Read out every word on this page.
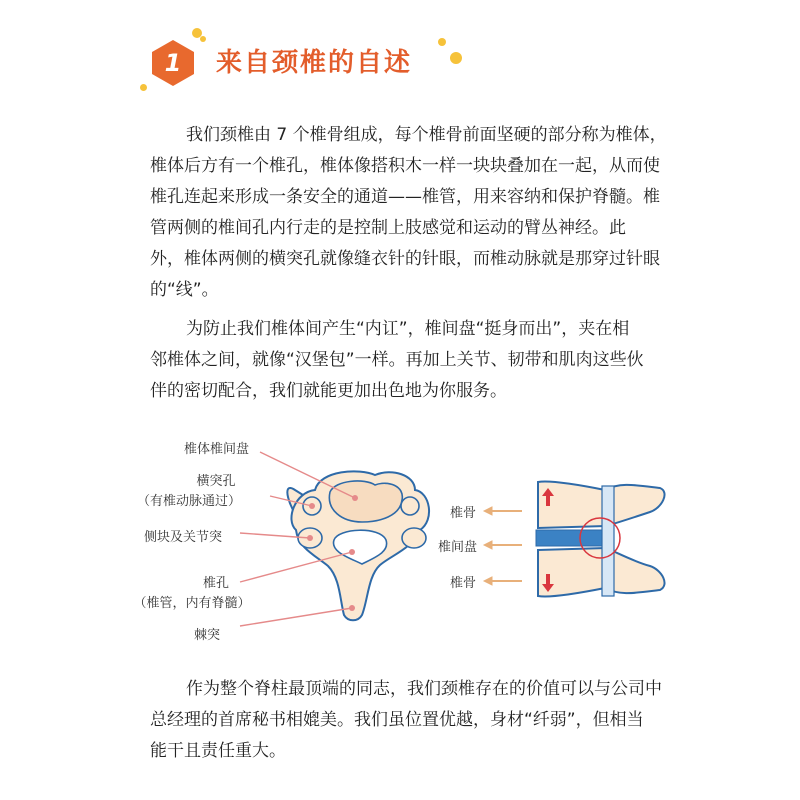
1	来自颈椎的自述
我们颈椎由 7 个椎骨组成，每个椎骨前面坚硬的部分称为椎体，
椎体后方有一个椎孔，椎体像搭积木一样一块块叠加在一起，从而使
椎孔连起来形成一条安全的通道——椎管，用来容纳和保护脊髓。椎
管两侧的椎间孔内行走的是控制上肢感觉和运动的臂丛神经。此
外，椎体两侧的横突孔就像缝衣针的针眼，而椎动脉就是那穿过针眼
的“线”。
为防止我们椎体间产生“内讧”，椎间盘“挺身而出”，夹在相
邻椎体之间，就像“汉堡包”一样。再加上关节、韧带和肌肉这些伙
伴的密切配合，我们就能更加出色地为你服务。
椎体椎间盘
横突孔
（有椎动脉通过）
侧块及关节突
椎孔
（椎管，内有脊髓）
棘突
椎骨
椎间盘
椎骨
作为整个脊柱最顶端的同志，我们颈椎存在的价值可以与公司中
总经理的首席秘书相媲美。我们虽位置优越，身材“纤弱”，但相当
能干且责任重大。
